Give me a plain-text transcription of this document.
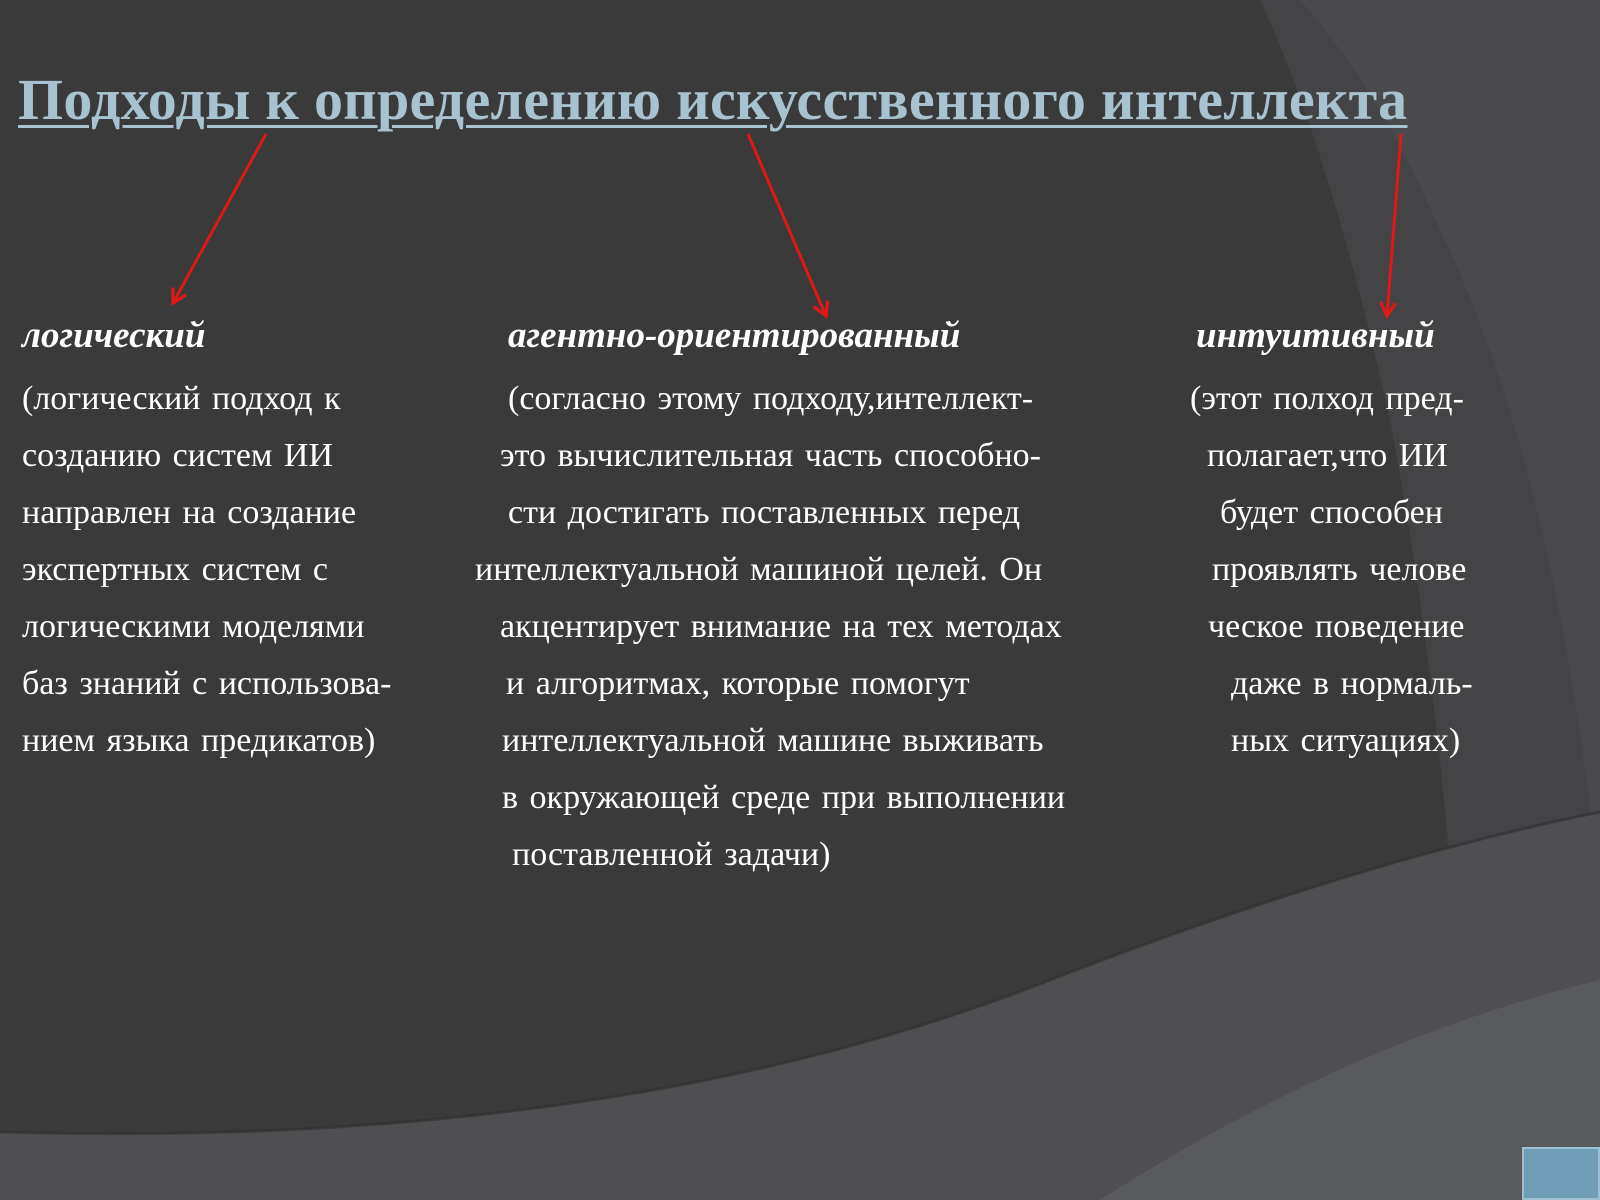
Подходы к определению искусственного интеллекта
логический
(логический подход к
созданию систем ИИ
направлен на создание
экспертных систем с
логическими моделями
баз знаний с использова-
нием языка предикатов)
агентно-ориентированный
(согласно этому подходу,интеллект-
это вычислительная часть способно-
сти достигать поставленных перед
интеллектуальной машиной целей. Он
акцентирует внимание на тех методах
и алгоритмах, которые помогут
интеллектуальной машине выживать
в окружающей среде при выполнении
поставленной задачи)
интуитивный
(этот полход пред-
полагает,что ИИ
будет способен
проявлять челове
ческое поведение
даже в нормаль-
ных ситуациях)
